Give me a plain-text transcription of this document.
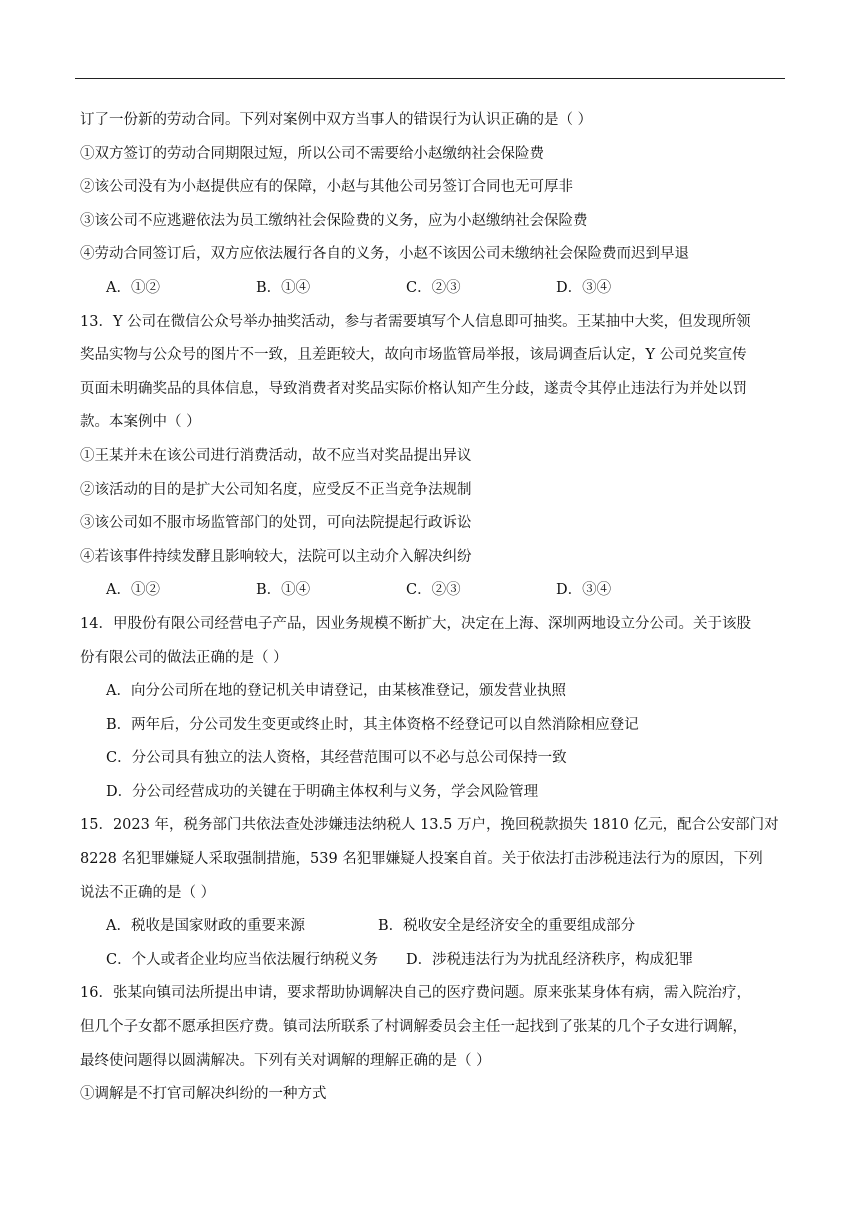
订了一份新的劳动合同。下列对案例中双方当事人的错误行为认识正确的是（ ）
①双方签订的劳动合同期限过短，所以公司不需要给小赵缴纳社会保险费
②该公司没有为小赵提供应有的保障，小赵与其他公司另签订合同也无可厚非
③该公司不应逃避依法为员工缴纳社会保险费的义务，应为小赵缴纳社会保险费
④劳动合同签订后，双方应依法履行各自的义务，小赵不该因公司未缴纳社会保险费而迟到早退
A．①②	B．①④	C．②③	D．③④
13．Y 公司在微信公众号举办抽奖活动，参与者需要填写个人信息即可抽奖。王某抽中大奖，但发现所领
奖品实物与公众号的图片不一致，且差距较大，故向市场监管局举报，该局调查后认定，Y 公司兑奖宣传
页面未明确奖品的具体信息，导致消费者对奖品实际价格认知产生分歧，遂责令其停止违法行为并处以罚
款。本案例中（ ）
①王某并未在该公司进行消费活动，故不应当对奖品提出异议
②该活动的目的是扩大公司知名度，应受反不正当竞争法规制
③该公司如不服市场监管部门的处罚，可向法院提起行政诉讼
④若该事件持续发酵且影响较大，法院可以主动介入解决纠纷
A．①②	B．①④	C．②③	D．③④
14．甲股份有限公司经营电子产品，因业务规模不断扩大，决定在上海、深圳两地设立分公司。关于该股
份有限公司的做法正确的是（ ）
A．向分公司所在地的登记机关申请登记，由某核准登记，颁发营业执照
B．两年后，分公司发生变更或终止时，其主体资格不经登记可以自然消除相应登记
C．分公司具有独立的法人资格，其经营范围可以不必与总公司保持一致
D．分公司经营成功的关键在于明确主体权利与义务，学会风险管理
15．2023 年，税务部门共依法查处涉嫌违法纳税人 13.5 万户，挽回税款损失 1810 亿元，配合公安部门对
8228 名犯罪嫌疑人采取强制措施，539 名犯罪嫌疑人投案自首。关于依法打击涉税违法行为的原因，下列
说法不正确的是（ ）
A．税收是国家财政的重要来源	B．税收安全是经济安全的重要组成部分
C．个人或者企业均应当依法履行纳税义务	D．涉税违法行为为扰乱经济秩序，构成犯罪
16．张某向镇司法所提出申请，要求帮助协调解决自己的医疗费问题。原来张某身体有病，需入院治疗，
但几个子女都不愿承担医疗费。镇司法所联系了村调解委员会主任一起找到了张某的几个子女进行调解，
最终使问题得以圆满解决。下列有关对调解的理解正确的是（ ）
①调解是不打官司解决纠纷的一种方式
